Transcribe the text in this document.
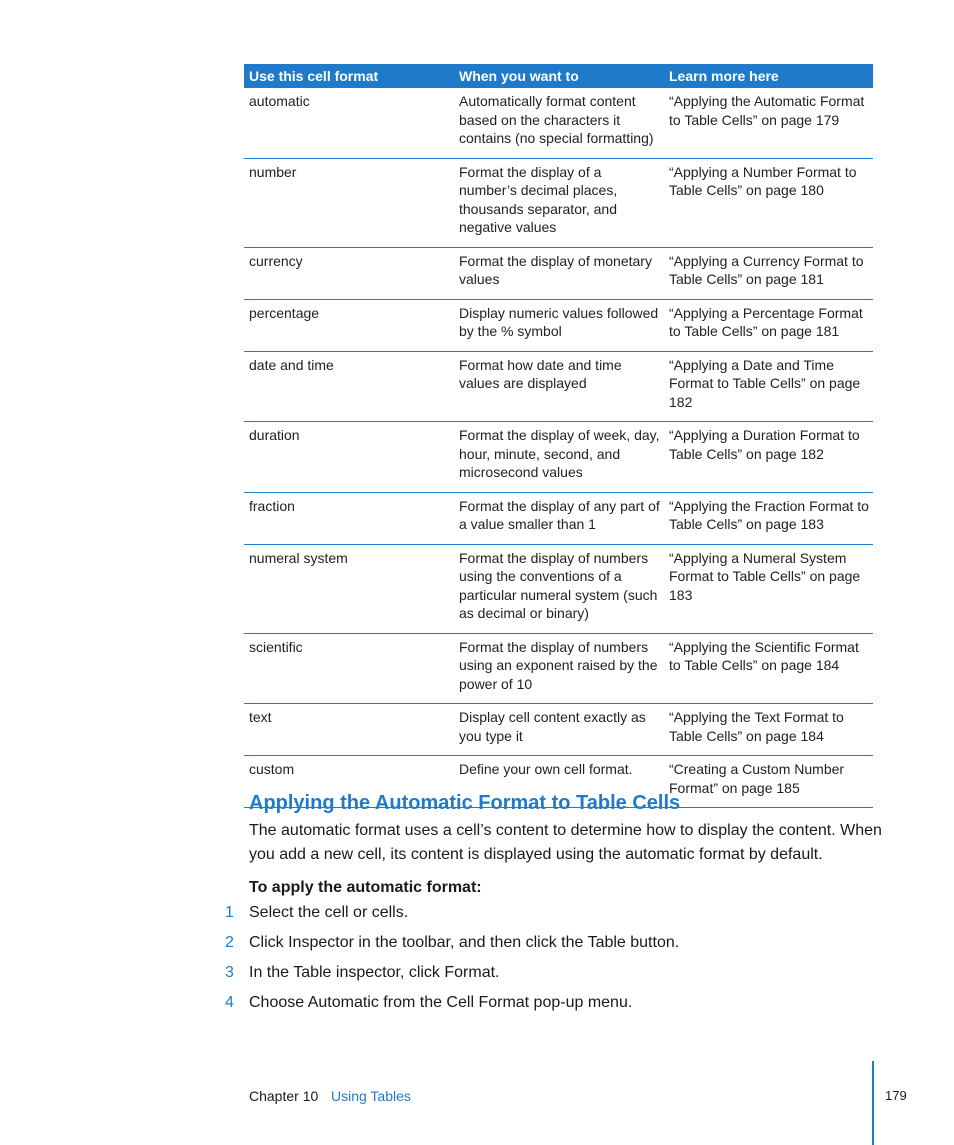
Use this cell format	When you want to	Learn more here
automatic	Automatically format content based on the characters it contains (no special formatting)	“Applying the Automatic Format to Table Cells” on page 179
number	Format the display of a number’s decimal places, thousands separator, and negative values	“Applying a Number Format to Table Cells” on page 180
currency	Format the display of monetary values	“Applying a Currency Format to Table Cells” on page 181
percentage	Display numeric values followed by the % symbol	“Applying a Percentage Format to Table Cells” on page 181
date and time	Format how date and time values are displayed	“Applying a Date and Time Format to Table Cells” on page 182
duration	Format the display of week, day, hour, minute, second, and microsecond values	“Applying a Duration Format to Table Cells” on page 182
fraction	Format the display of any part of a value smaller than 1	“Applying the Fraction Format to Table Cells” on page 183
numeral system	Format the display of numbers using the conventions of a particular numeral system (such as decimal or binary)	“Applying a Numeral System Format to Table Cells” on page 183
scientific	Format the display of numbers using an exponent raised by the power of 10	“Applying the Scientific Format to Table Cells” on page 184
text	Display cell content exactly as you type it	“Applying the Text Format to Table Cells” on page 184
custom	Define your own cell format.	“Creating a Custom Number Format” on page 185
Applying the Automatic Format to Table Cells

The automatic format uses a cell’s content to determine how to display the content. When you add a new cell, its content is displayed using the automatic format by default.

To apply the automatic format:
1 Select the cell or cells.
2 Click Inspector in the toolbar, and then click the Table button.
3 In the Table inspector, click Format.
4 Choose Automatic from the Cell Format pop-up menu.
Chapter 10 Using Tables	179
